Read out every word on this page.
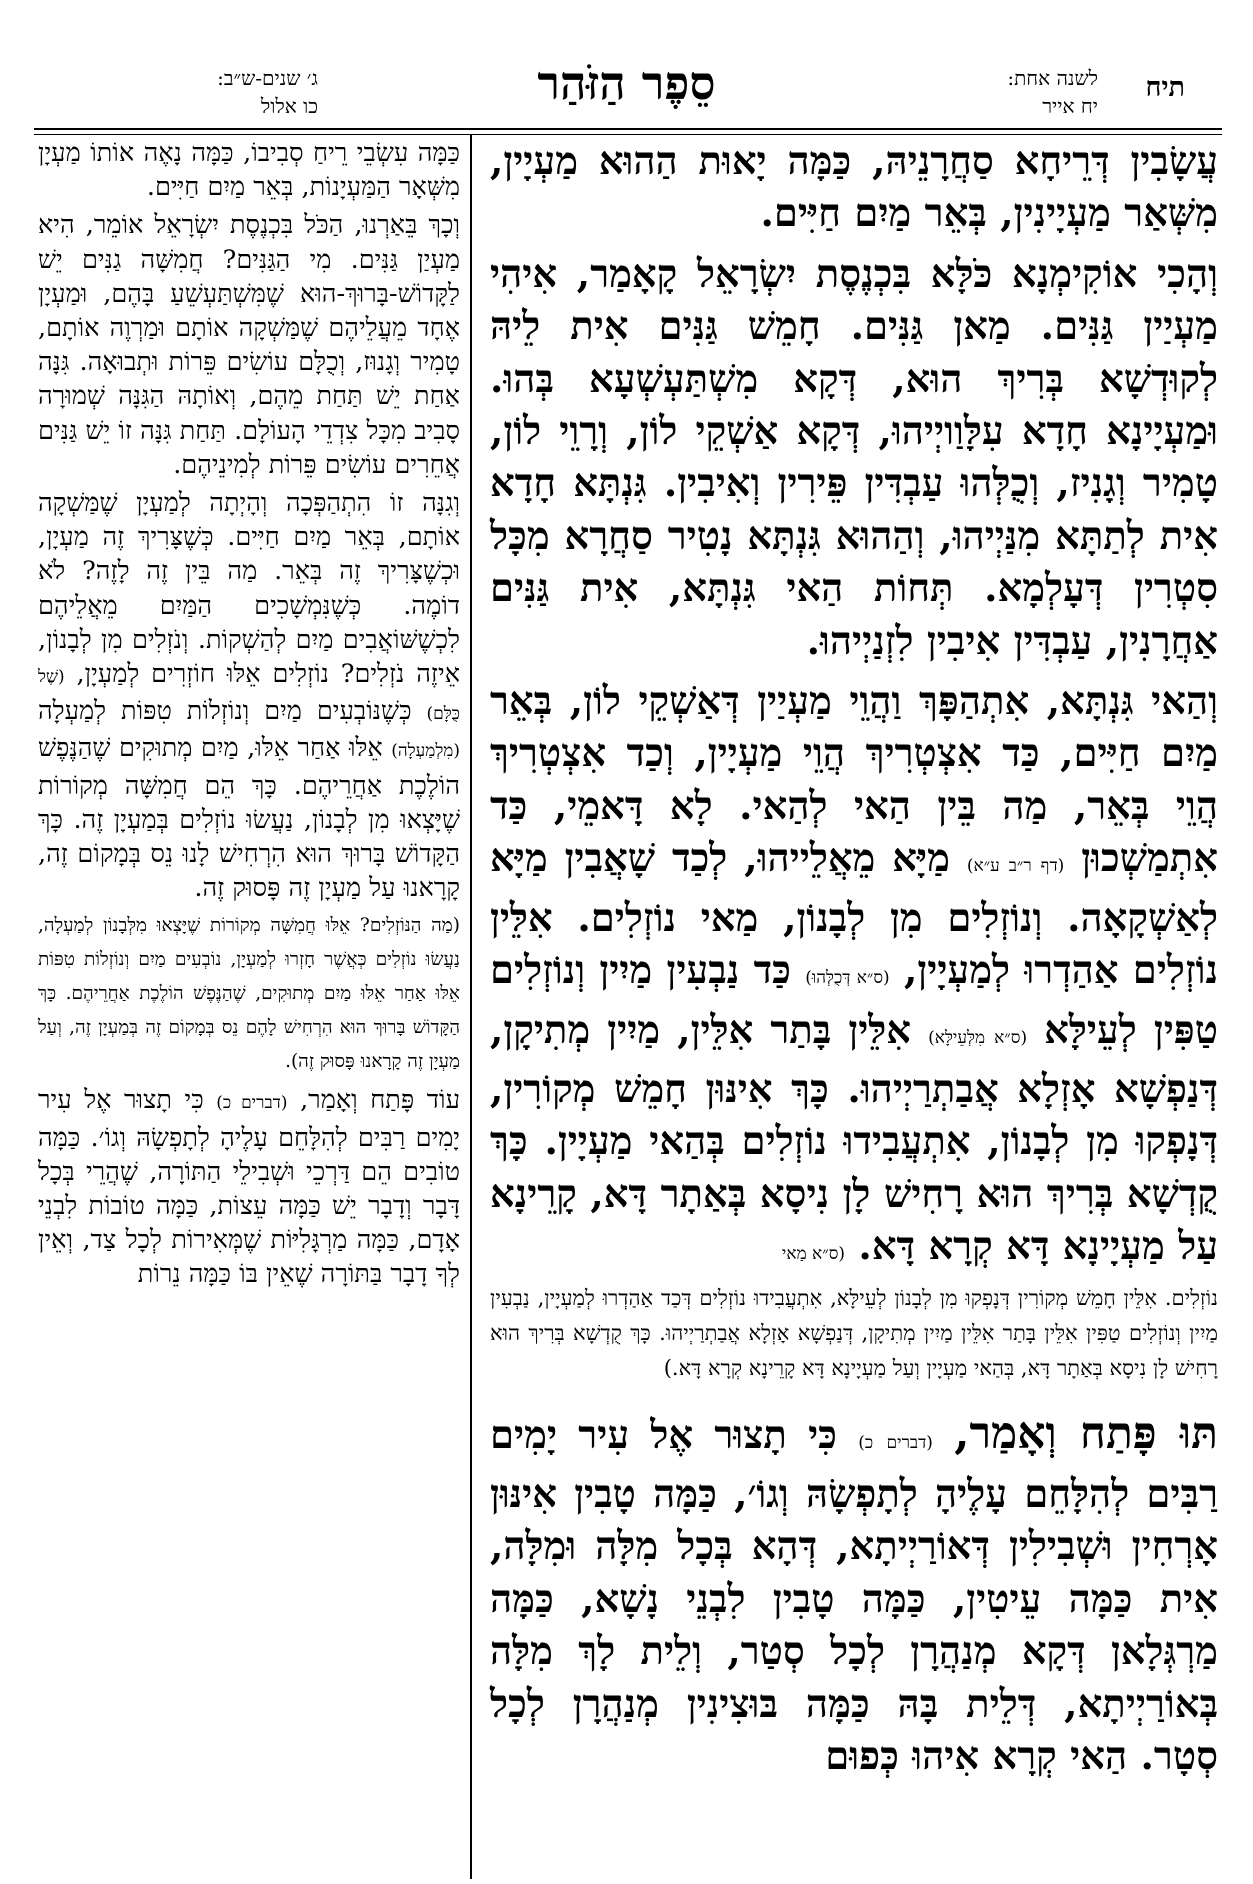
תיח
לשנה אחת:
יח אייר
סֵפֶר הַזֹּהַר
ג׳ שנים-ש״ב:
כו אלול

עֲשָׂבִין דְּרֵיחָא סַחֲרָנֵיהּ, כַּמָּה יָאוּת הַהוּא מַעְיָין, מִשְּׁאַר מַעְיָינִין, בְּאֵר מַיִם חַיִּים.

וְהָכִי אוֹקִימְנָא כֹּלָּא בִּכְנֶסֶת יִשְׂרָאֵל קָאָמַר, אִיהִי מַעְיַין גַּנִּים. מַאן גַּנִּים. חָמֵשׁ גַּנִּים אִית לֵיהּ לְקוּדְשָׁא בְּרִיךְ הוּא, דְּקָא מִשְׁתַּעְשְׁעָא בְּהוּ. וּמַעְיָינָא חָדָא עִלָּוַויְיהוּ, דְּקָא אַשְׁקֵי לוֹן, וְרָוֵי לוֹן, טָמִיר וְגָנִיז, וְכֻלְּהוּ עַבְדִּין פֵּירִין וְאִיבִין. גִּנְתָּא חָדָא אִית לְתַתָּא מִנַּיְיהוּ, וְהַהוּא גִּנְתָּא נָטִיר סַחֲרָא מִכָּל סִטְרִין דְּעָלְמָא. תְּחוֹת הַאי גִּנְתָּא, אִית גַּנִּים אַחֲרָנִין, עַבְדִּין אִיבִין לִזְנַיְיהוּ.

וְהַאי גִּנְתָּא, אִתְהַפָּךְ וַהֲוֵי מַעְיַין דְּאַשְׁקֵי לוֹן, בְּאֵר מַיִם חַיִּים, כַּד אִצְטְרִיךְ הֲוֵי מַעְיָין, וְכַד אִצְטְרִיךְ הֲוֵי בְּאֵר, מַה בֵּין הַאי לְהַאי. לָא דָּאמֵי, כַּד אִתְמַשְׁכוּן (דף ר״ב ע״א) מַיָּא מֵאֲלֵייהוּ, לְכַד שָׁאֲבִין מַיָּא לְאַשְׁקָאָה. וְנוֹזְלִים מִן לְבָנוֹן, מַאי נוֹזְלִים. אִלֵּין נוֹזְלִים אַהַדְרוּ לְמַעְיָין, (ס״א דְּכֻלְּהוּ) כַּד נַבְעִין מַיִין וְנוֹזְלִים טַפִּין לְעֵילָּא (ס״א מִלְּעֵילָּא) אִלֵּין בָּתַר אִלֵּין, מַיִין מְתִיקָן, דְּנַפְשָׁא אָזְלָא אֲבַתְרַיְיהוּ. כָּךְ אִינּוּן חָמֵשׁ מְקוֹרִין, דְּנָפְקוּ מִן לְבָנוֹן, אִתְעֲבִידוּ נוֹזְלִים בְּהַאי מַעְיָין. כָּךְ קֻדְשָׁא בְּרִיךְ הוּא רָחִישׁ לָן נִיסָא בְּאַתָר דָּא, קָרֵינָא עַל מַעְיָינָא דָּא קְרָא דָּא. (ס״א מַאי

נוֹזְלִים. אִלֵּין חָמֵשׁ מְקוֹרִין דְּנָפְקוּ מִן לְבָנוֹן לְעֵילָּא, אִתְעֲבִידוּ נוֹזְלִים דְּכַד אַהַדְרוּ לְמַעְיָין, נַבְעִין מַיִין וְנוֹזְלִים טַפִּין אִלֵּין בָּתַר אִלֵּין מַיִין מְתִיקָן, דְּנַפְשָׁא אָזְלָא אֲבַתְרַיְיהוּ. כָּךְ קֻדְשָׁא בְּרִיךְ הוּא רָחִישׁ לָן נִיסָא בְּאַתָר דָּא, בְּהַאי מַעְיָין וְעַל מַעְיָינָא דָּא קָרֵינָא קְרָא דָּא.)

תּוּ פָּתַח וְאָמַר, (דברים כ) כִּי תָצוּר אֶל עִיר יָמִים רַבִּים לְהִלָּחֵם עָלֶיהָ לְתָפְשָׂהּ וְגוֹ׳, כַּמָּה טָבִין אִינּוּן אָרְחִין וּשְׁבִילִין דְּאוֹרַיְיתָא, דְּהָא בְּכָל מִלָּה וּמִלָּה, אִית כַּמָּה עֵיטִין, כַּמָּה טָבִין לִבְנֵי נָשָׁא, כַּמָּה מַרְגְּלָאן דְּקָא מְנַהֲרָן לְכָל סְטַר, וְלֵית לָךְ מִלָּה בְּאוֹרַיְיתָא, דְּלֵית בָּהּ כַּמָּה בּוּצִינִין מְנַהֲרָן לְכָל סְטָר. הַאי קְרָא אִיהוּ כְּפוּם

כַּמָּה עִשְׂבֵי רֵיחַ סְבִיבוֹ, כַּמָּה נָאֶה אוֹתוֹ מַעְיָן מִשְּׁאָר הַמַּעְיָנוֹת, בְּאֵר מַיִם חַיִּים.

וְכָךְ בֵּאַרְנוּ, הַכֹּל בִּכְנֶסֶת יִשְׂרָאֵל אוֹמֵר, הִיא מַעְיַן גַּנִּים. מִי הַגַּנִּים? חֲמִשָּׁה גַנִּים יֵשׁ לַקָּדוֹשׁ-בָּרוּךְ-הוּא שֶׁמִּשְׁתַּעְשֵׁעַ בָּהֶם, וּמַעְיָן אֶחָד מֵעֲלֵיהֶם שֶׁמַּשְׁקָה אוֹתָם וּמַרְוֶה אוֹתָם, טָמִיר וְגָנוּז, וְכֻלָּם עוֹשִׂים פֵּרוֹת וּתְבוּאָה. גִּנָּה אַחַת יֵשׁ תַּחַת מֵהֶם, וְאוֹתָהּ הַגִּנָּה שְׁמוּרָה סָבִיב מִכָּל צִדְדֵי הָעוֹלָם. תַּחַת גִּנָּה זוֹ יֵשׁ גַּנִּים אֲחֵרִים עוֹשִׂים פֵּרוֹת לְמִינֵיהֶם.

וְגִנָּה זוֹ הִתְהַפְּכָה וְהָיְתָה לְמַעְיָן שֶׁמַּשְׁקָה אוֹתָם, בְּאֵר מַיִם חַיִּים. כְּשֶׁצָּרִיךְ זֶה מַעְיָן, וּכְשֶׁצָּרִיךְ זֶה בְּאֵר. מַה בֵּין זֶה לָזֶה? לֹא דוֹמֶה. כְּשֶׁנִּמְשָׁכִים הַמַּיִם מֵאֲלֵיהֶם לִכְשֶׁשּׁוֹאֲבִים מַיִם לְהַשְׁקוֹת. וְנֹזְלִים מִן לְבָנוֹן, אֵיזֶה נֹזְלִים? נוֹזְלִים אֵלּוּ חוֹזְרִים לְמַעְיָן, (שֶׁל כֻּלָּם) כְּשֶׁנּוֹבְעִים מַיִם וְנוֹזְלוֹת טִפּוֹת לְמַעְלָה (מִלְמַעְלָה) אֵלּוּ אַחַר אֵלּוּ, מַיִם מְתוּקִים שֶׁהַנֶּפֶשׁ הוֹלֶכֶת אַחֲרֵיהֶם. כָּךְ הֵם חֲמִשָּׁה מְקוֹרוֹת שֶׁיָּצְאוּ מִן לְבָנוֹן, נַעֲשׂוּ נוֹזְלִים בְּמַעְיָן זֶה. כָּךְ הַקָּדוֹשׁ בָּרוּךְ הוּא הִרְחִישׁ לָנוּ נֵס בְּמָקוֹם זֶה, קָרָאנוּ עַל מַעְיָן זֶה פָּסוּק זֶה.

(מַה הַנּוֹזְלִים? אֵלּוּ חֲמִשָּׁה מְקוֹרוֹת שֶׁיָּצְאוּ מִלְּבָנוֹן לְמַעְלָה, נַעֲשׂוּ נוֹזְלִים כְּאֲשֶׁר חָזְרוּ לְמַעְיָן, נוֹבְעִים מַיִם וְנוֹזְלוֹת טִפּוֹת אֵלּוּ אַחַר אֵלּוּ מַיִם מְתוּקִים, שֶׁהַנֶּפֶשׁ הוֹלֶכֶת אַחֲרֵיהֶם. כָּךְ הַקָּדוֹשׁ בָּרוּךְ הוּא הִרְחִישׁ לָהֶם נֵס בְּמָקוֹם זֶה בְּמַעְיָן זֶה, וְעַל מַעְיָן זֶה קָרָאנוּ פָּסוּק זֶה).

עוֹד פָּתַח וְאָמַר, (דברים כ) כִּי תָצוּר אֶל עִיר יָמִים רַבִּים לְהִלָּחֵם עָלֶיהָ לְתָפְשָׂהּ וְגוֹ׳. כַּמָּה טוֹבִים הֵם דַּרְכֵי וּשְׁבִילֵי הַתּוֹרָה, שֶׁהֲרֵי בְּכָל דָּבָר וְדָבָר יֵשׁ כַּמָּה עֵצוֹת, כַּמָּה טוֹבוֹת לִבְנֵי אָדָם, כַּמָּה מַרְגָּלִיּוֹת שֶׁמְּאִירוֹת לְכָל צַד, וְאֵין לְךָ דָבָר בַּתּוֹרָה שֶׁאֵין בּוֹ כַּמָּה נֵרוֹת
